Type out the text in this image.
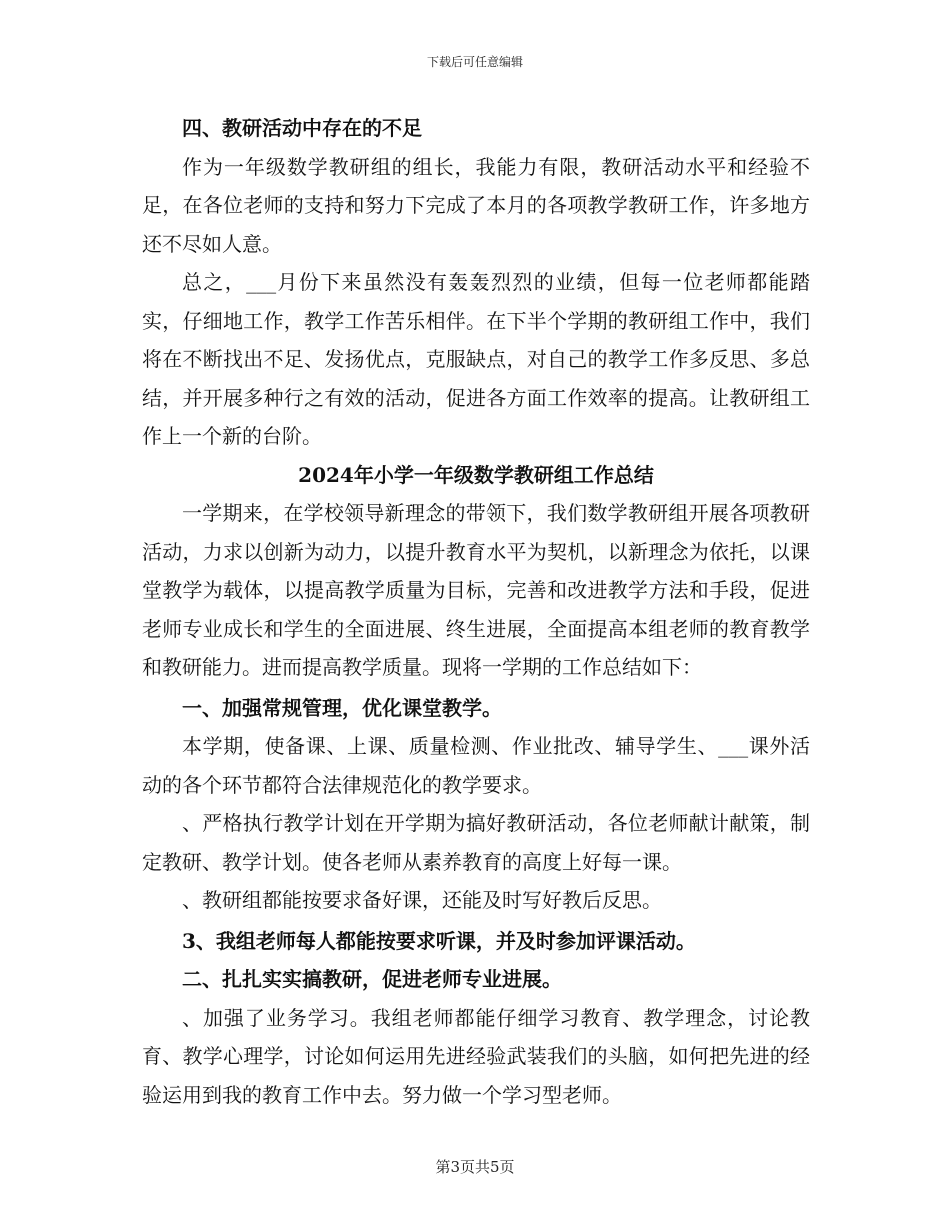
下载后可任意编辑

四、教研活动中存在的不足

作为一年级数学教研组的组长，我能力有限，教研活动水平和经验不足，在各位老师的支持和努力下完成了本月的各项教学教研工作，许多地方还不尽如人意。

总之，___月份下来虽然没有轰轰烈烈的业绩，但每一位老师都能踏实，仔细地工作，教学工作苦乐相伴。在下半个学期的教研组工作中，我们将在不断找出不足、发扬优点，克服缺点，对自己的教学工作多反思、多总结，并开展多种行之有效的活动，促进各方面工作效率的提高。让教研组工作上一个新的台阶。

2024年小学一年级数学教研组工作总结

一学期来，在学校领导新理念的带领下，我们数学教研组开展各项教研活动，力求以创新为动力，以提升教育水平为契机，以新理念为依托，以课堂教学为载体，以提高教学质量为目标，完善和改进教学方法和手段，促进老师专业成长和学生的全面进展、终生进展，全面提高本组老师的教育教学和教研能力。进而提高教学质量。现将一学期的工作总结如下：

一、加强常规管理，优化课堂教学。

本学期，使备课、上课、质量检测、作业批改、辅导学生、___课外活动的各个环节都符合法律规范化的教学要求。

、严格执行教学计划在开学期为搞好教研活动，各位老师献计献策，制定教研、教学计划。使各老师从素养教育的高度上好每一课。

、教研组都能按要求备好课，还能及时写好教后反思。

3、我组老师每人都能按要求听课，并及时参加评课活动。

二、扎扎实实搞教研，促进老师专业进展。

、加强了业务学习。我组老师都能仔细学习教育、教学理念，讨论教育、教学心理学，讨论如何运用先进经验武装我们的头脑，如何把先进的经验运用到我的教育工作中去。努力做一个学习型老师。

第3页共5页
